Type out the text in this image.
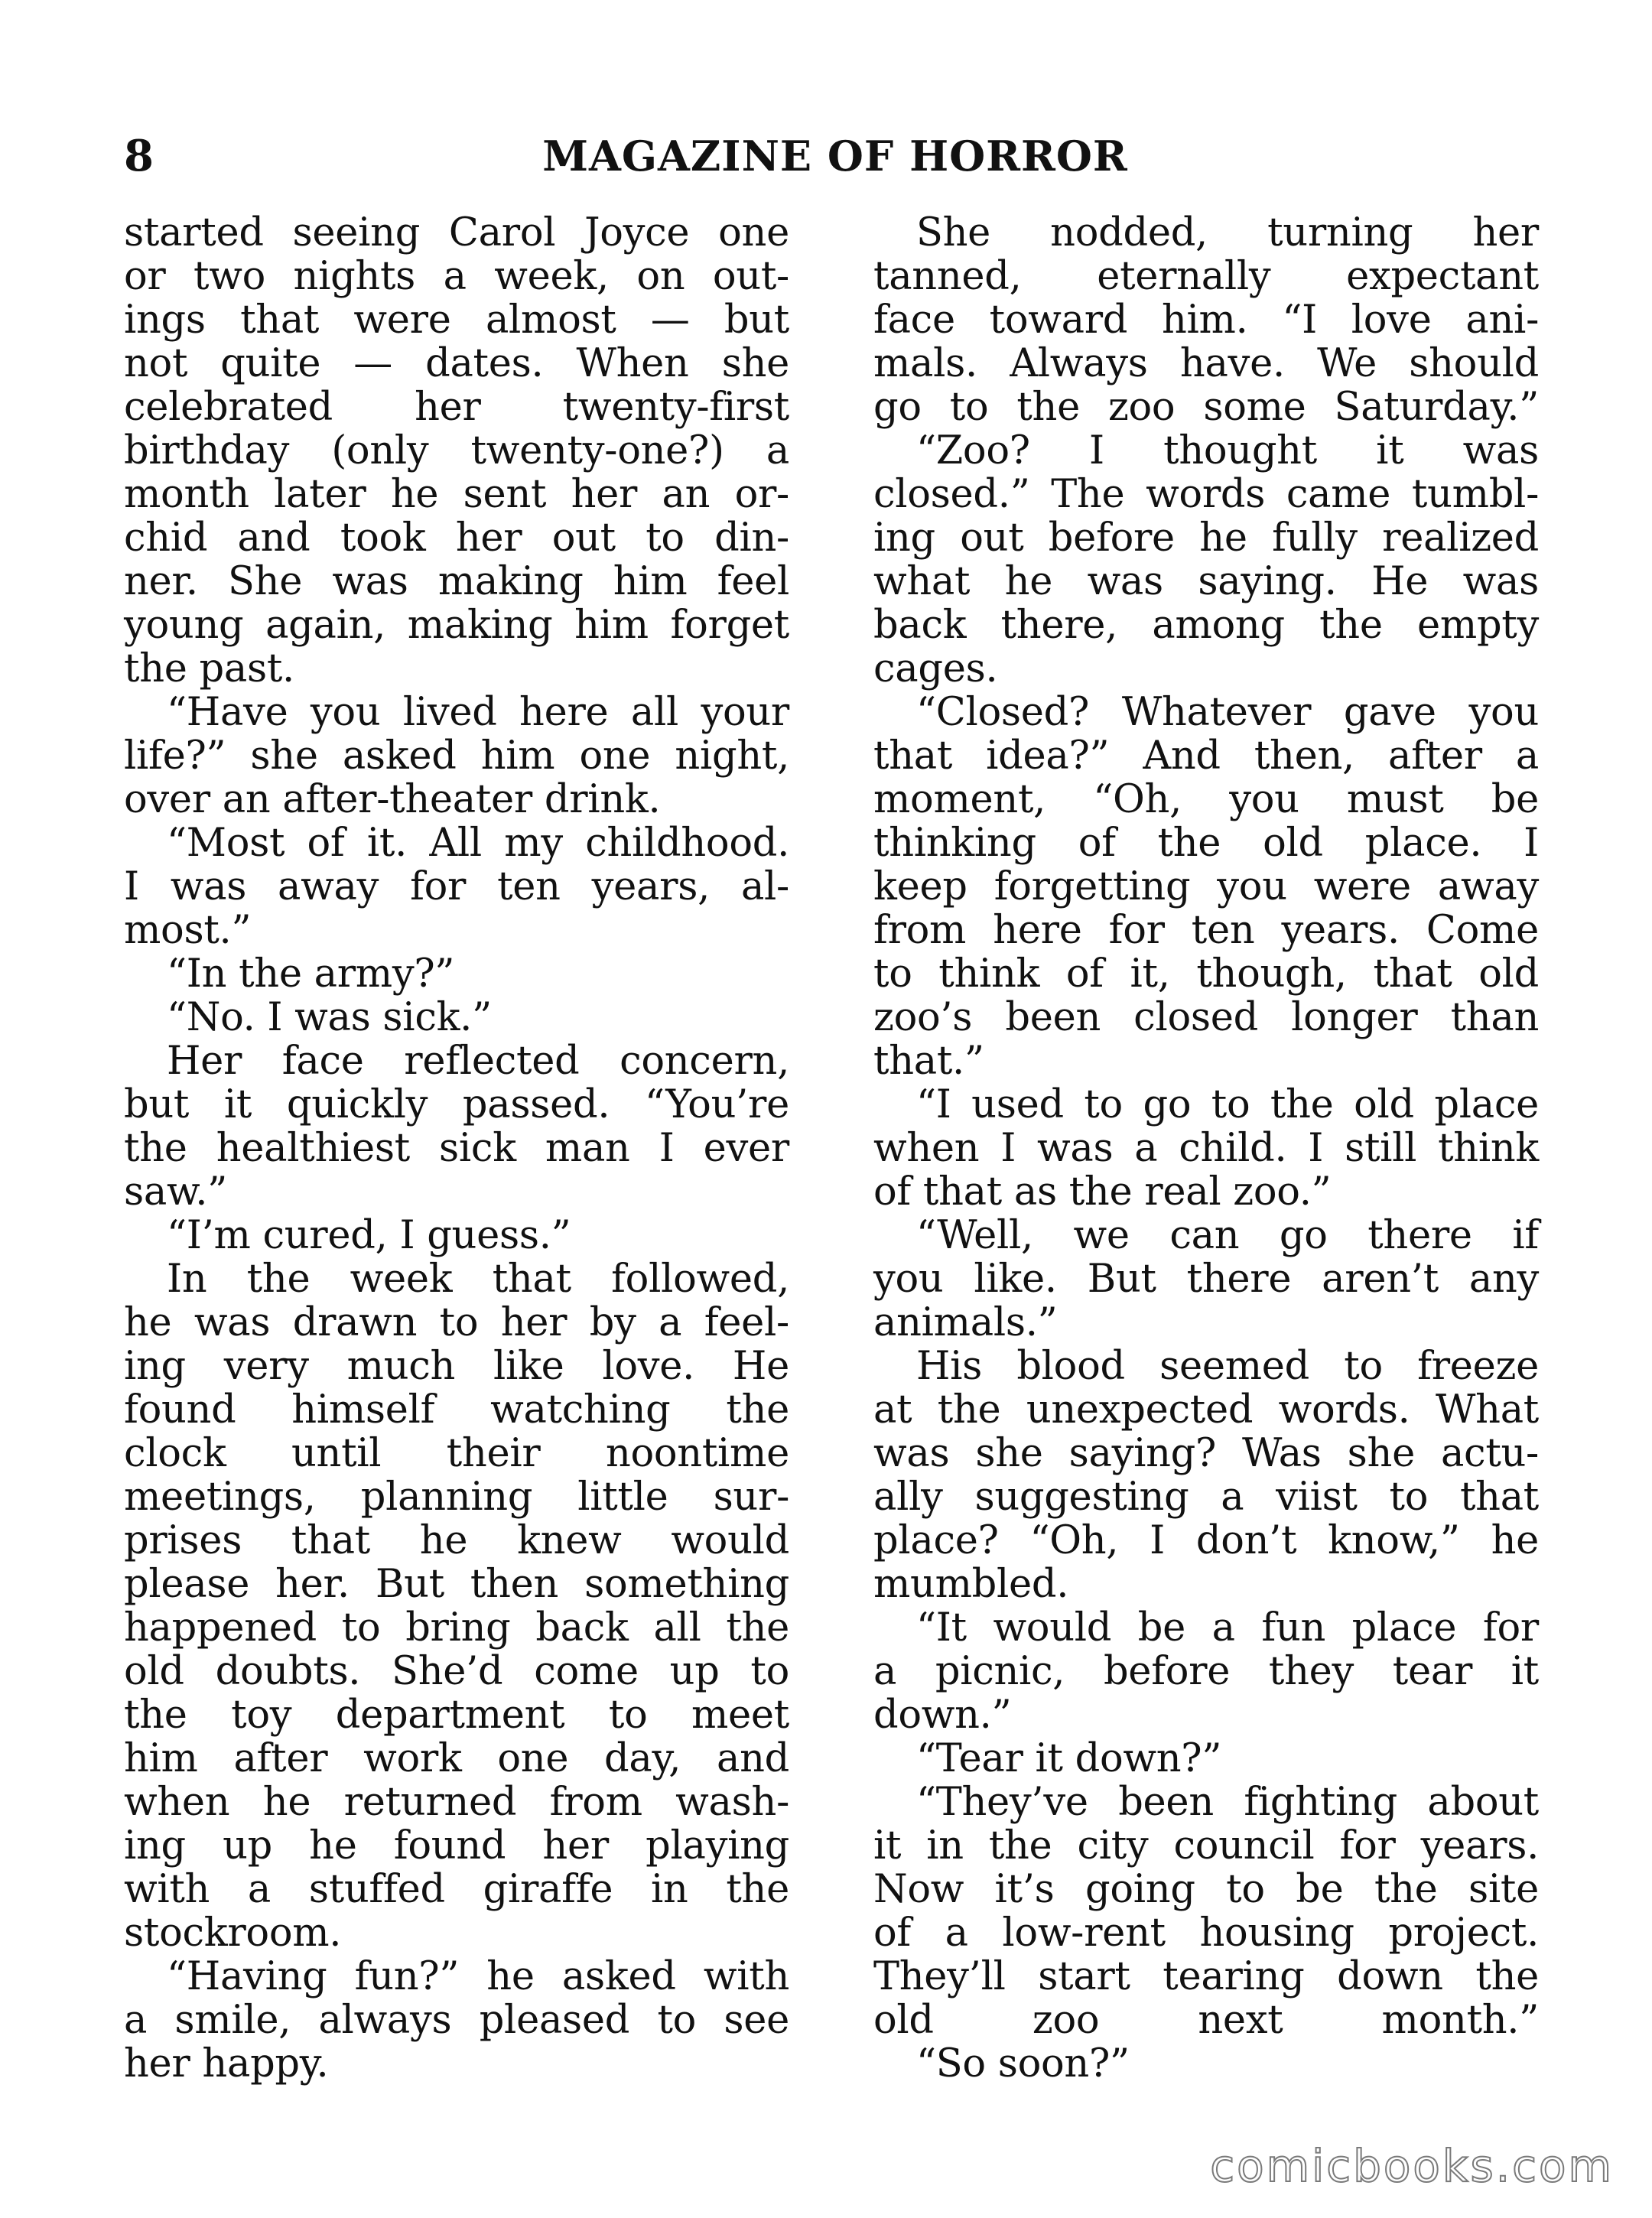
8	MAGAZINE OF HORROR
started seeing Carol Joyce one
or two nights a week, on out-
ings that were almost — but
not quite — dates. When she
celebrated her twenty-first
birthday (only twenty-one?) a
month later he sent her an or-
chid and took her out to din-
ner. She was making him feel
young again, making him forget
the past.
“Have you lived here all your
life?” she asked him one night,
over an after-theater drink.
“Most of it. All my childhood.
I was away for ten years, al-
most.”
“In the army?”
“No. I was sick.”
Her face reflected concern,
but it quickly passed. “You’re
the healthiest sick man I ever
saw.”
“I’m cured, I guess.”
In the week that followed,
he was drawn to her by a feel-
ing very much like love. He
found himself watching the
clock until their noontime
meetings, planning little sur-
prises that he knew would
please her. But then something
happened to bring back all the
old doubts. She’d come up to
the toy department to meet
him after work one day, and
when he returned from wash-
ing up he found her playing
with a stuffed giraffe in the
stockroom.
“Having fun?” he asked with
a smile, always pleased to see
her happy.
She nodded, turning her
tanned, eternally expectant
face toward him. “I love ani-
mals. Always have. We should
go to the zoo some Saturday.”
“Zoo? I thought it was
closed.” The words came tumbl-
ing out before he fully realized
what he was saying. He was
back there, among the empty
cages.
“Closed? Whatever gave you
that idea?” And then, after a
moment, “Oh, you must be
thinking of the old place. I
keep forgetting you were away
from here for ten years. Come
to think of it, though, that old
zoo’s been closed longer than
that.”
“I used to go to the old place
when I was a child. I still think
of that as the real zoo.”
“Well, we can go there if
you like. But there aren’t any
animals.”
His blood seemed to freeze
at the unexpected words. What
was she saying? Was she actu-
ally suggesting a viist to that
place? “Oh, I don’t know,” he
mumbled.
“It would be a fun place for
a picnic, before they tear it
down.”
“Tear it down?”
“They’ve been fighting about
it in the city council for years.
Now it’s going to be the site
of a low-rent housing project.
They’ll start tearing down the
old zoo next month.”
“So soon?”
comicbooks.com
